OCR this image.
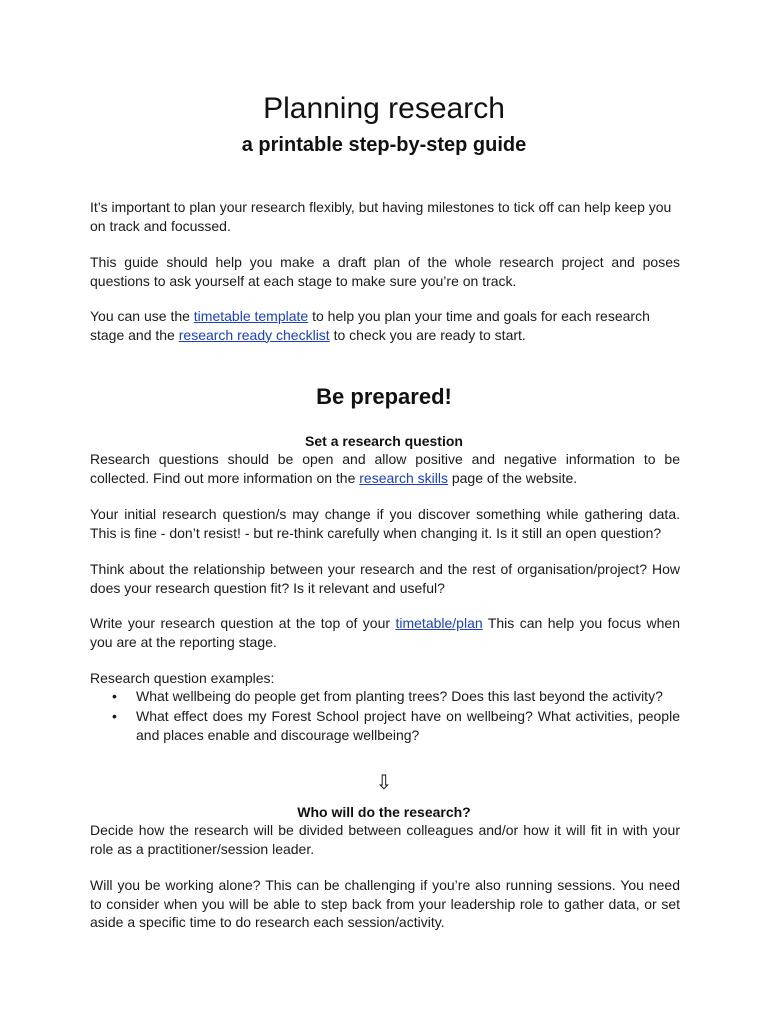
Planning research
a printable step-by-step guide

It’s important to plan your research flexibly, but having milestones to tick off can help keep you on track and focussed.

This guide should help you make a draft plan of the whole research project and poses questions to ask yourself at each stage to make sure you’re on track.

You can use the timetable template to help you plan your time and goals for each research stage and the research ready checklist to check you are ready to start.

Be prepared!
Set a research question

Research questions should be open and allow positive and negative information to be collected. Find out more information on the research skills page of the website.

Your initial research question/s may change if you discover something while gathering data. This is fine - don’t resist! - but re-think carefully when changing it. Is it still an open question?

Think about the relationship between your research and the rest of organisation/project? How does your research question fit? Is it relevant and useful?

Write your research question at the top of your timetable/plan This can help you focus when you are at the reporting stage.

Research question examples:

• What wellbeing do people get from planting trees? Does this last beyond the activity?
• What effect does my Forest School project have on wellbeing? What activities, people and places enable and discourage wellbeing?
⇩
Who will do the research?

Decide how the research will be divided between colleagues and/or how it will fit in with your role as a practitioner/session leader.

Will you be working alone? This can be challenging if you’re also running sessions. You need to consider when you will be able to step back from your leadership role to gather data, or set aside a specific time to do research each session/activity.
